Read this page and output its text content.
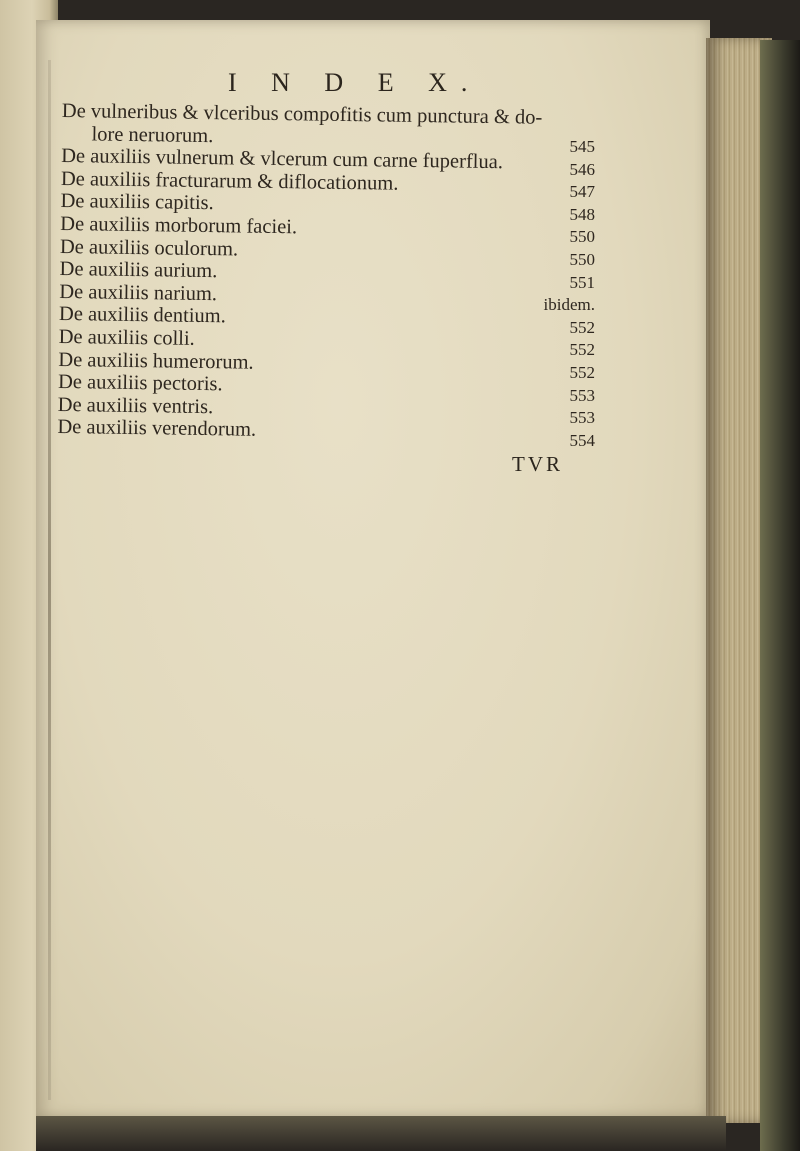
I N D E X.
De vulneribus & vlceribus compofitis cum punctura & do-
lore neruorum.
De auxiliis vulnerum & vlcerum cum carne fuperflua.
De auxiliis fracturarum & diflocationum.
De auxiliis capitis.
De auxiliis morborum faciei.
De auxiliis oculorum.
De auxiliis aurium.
De auxiliis narium.
De auxiliis dentium.
De auxiliis colli.
De auxiliis humerorum.
De auxiliis pectoris.
De auxiliis ventris.
De auxiliis verendorum.
545
546
547
548
550
550
551
ibidem.
552
552
552
553
553
554
TVR
